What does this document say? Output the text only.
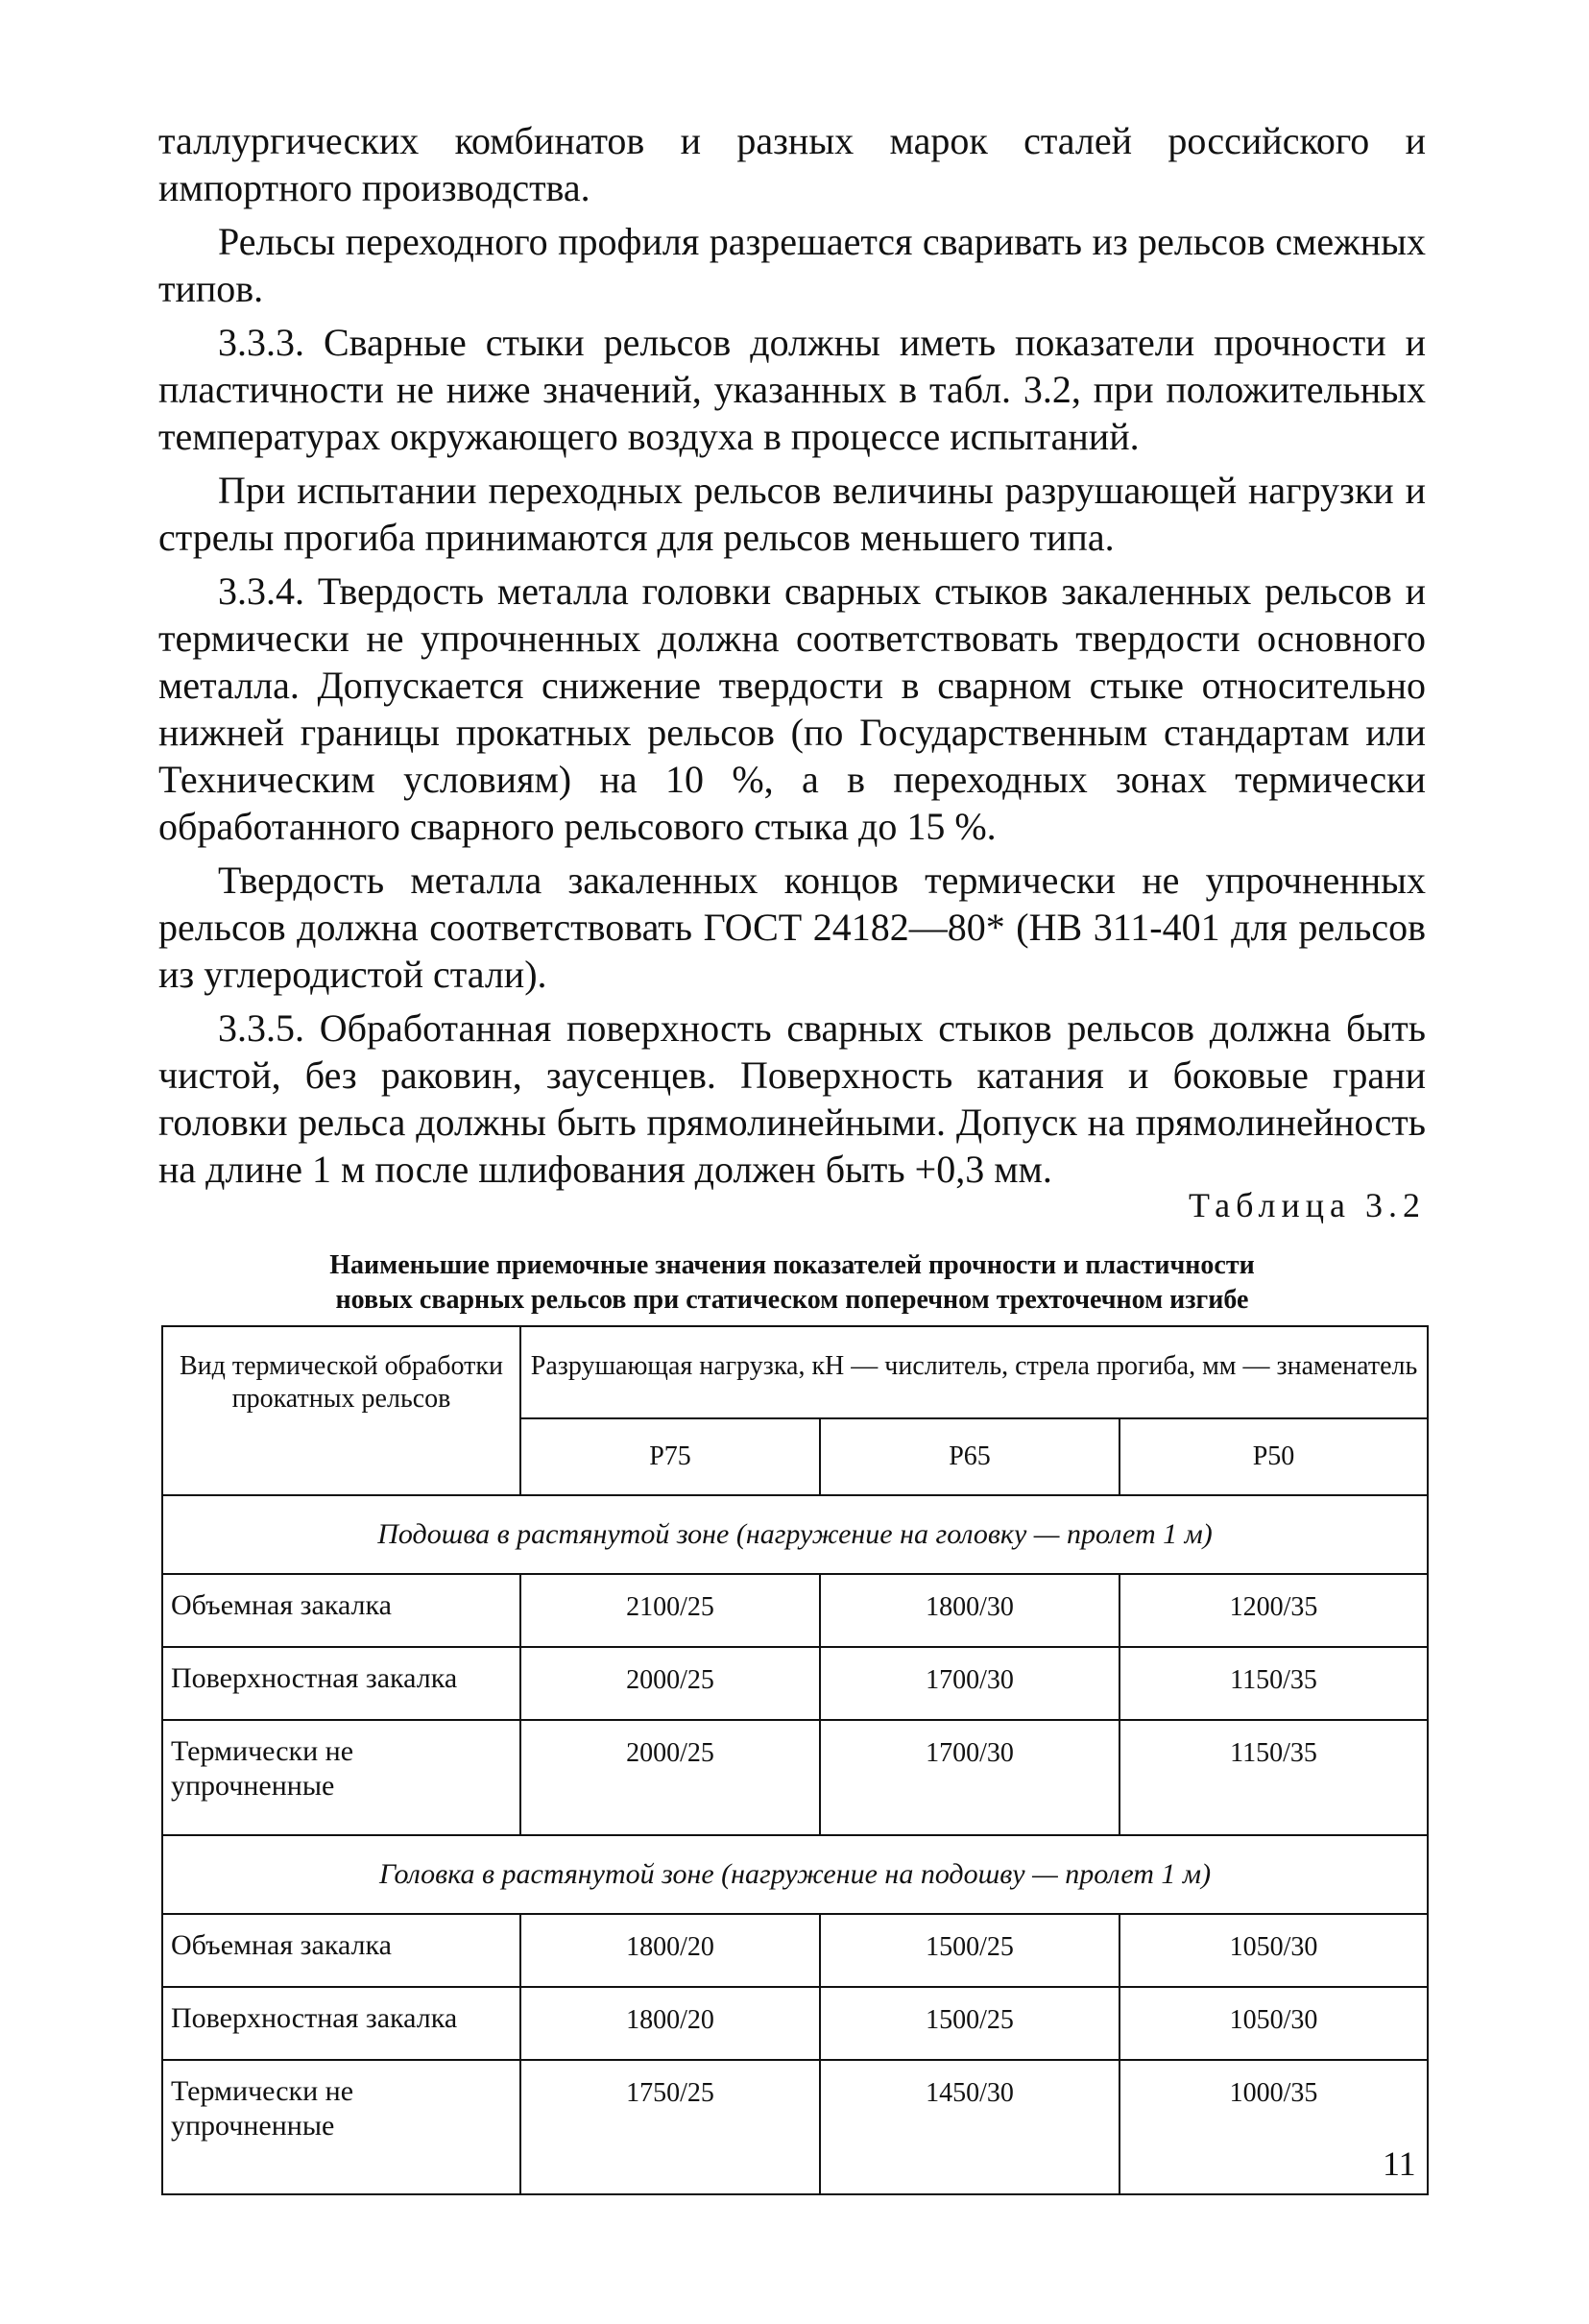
таллургических комбинатов и разных марок сталей российского и импортного производства.

Рельсы переходного профиля разрешается сваривать из рельсов смежных типов.

3.3.3. Сварные стыки рельсов должны иметь показатели прочности и пластичности не ниже значений, указанных в табл. 3.2, при положительных температурах окружающего воздуха в процессе испытаний.

При испытании переходных рельсов величины разрушающей нагрузки и стрелы прогиба принимаются для рельсов меньшего типа.

3.3.4. Твердость металла головки сварных стыков закаленных рельсов и термически не упрочненных должна соответствовать твердости основного металла. Допускается снижение твердости в сварном стыке относительно нижней границы прокатных рельсов (по Государственным стандартам или Техническим условиям) на 10 %, а в переходных зонах термически обработанного сварного рельсового стыка до 15 %.

Твердость металла закаленных концов термически не упрочненных рельсов должна соответствовать ГОСТ 24182—80* (НВ 311-401 для рельсов из углеродистой стали).

3.3.5. Обработанная поверхность сварных стыков рельсов должна быть чистой, без раковин, заусенцев. Поверхность катания и боковые грани головки рельса должны быть прямолинейными. Допуск на прямолинейность на длине 1 м после шлифования должен быть +0,3 мм.

Таблица 3.2
Наименьшие приемочные значения показателей прочности и пластичности
новых сварных рельсов при статическом поперечном трехточечном изгибе
Вид термической обработки прокатных рельсов	Разрушающая нагрузка, кН — числитель, стрела прогиба, мм — знаменатель		
	Р75	Р65	Р50
Подошва в растянутой зоне (нагружение на головку — пролет 1 м)			
Объемная закалка	2100/25	1800/30	1200/35
Поверхностная закалка	2000/25	1700/30	1150/35
Термически не упрочненные	2000/25	1700/30	1150/35
Головка в растянутой зоне (нагружение на подошву — пролет 1 м)			
Объемная закалка	1800/20	1500/25	1050/30
Поверхностная закалка	1800/20	1500/25	1050/30
Термически не упрочненные	1750/25	1450/30	1000/35
11
